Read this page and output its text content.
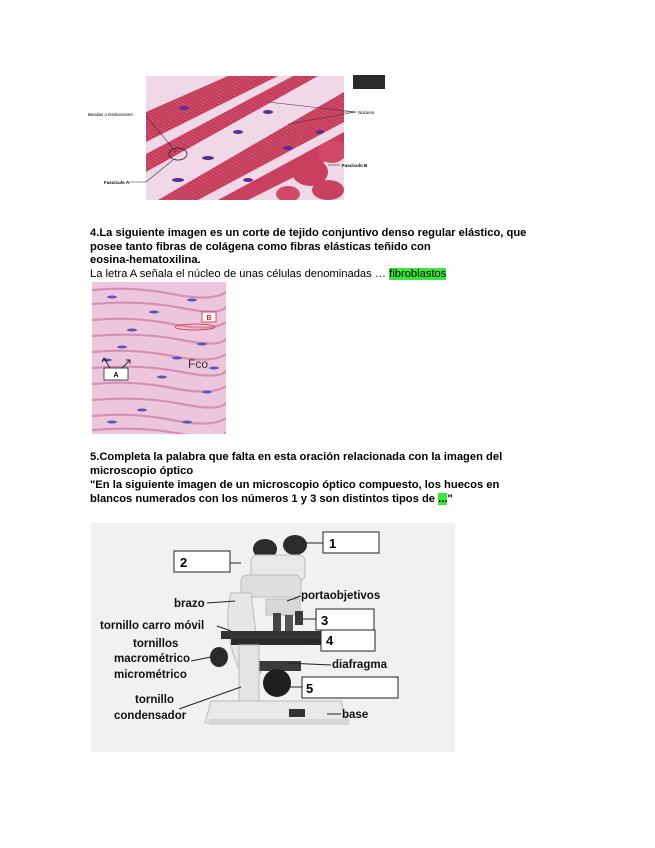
Bandas o Estriaciones	Núcleos
Fascículo A
Fascículo B
4.La siguiente imagen es un corte de tejido conjuntivo denso regular elástico, que
posee tanto fibras de colágena como fibras elásticas teñido con
eosina-hematoxilina.
La letra A señala el núcleo de unas células denominadas … fibroblastos
B
Fco
A
5.Completa la palabra que falta en esta oración relacionada con la imagen del
microscopio óptico
"En la siguiente imagen de un microscopio óptico compuesto, los huecos en
blancos numerados con los números 1 y 3 son distintos tipos de ..."
1
2
3
4
5
brazo
portaobjetivos
tornillo carro móvil
tornillos
macrométrico
micrométrico
diafragma
tornillo
condensador	base
